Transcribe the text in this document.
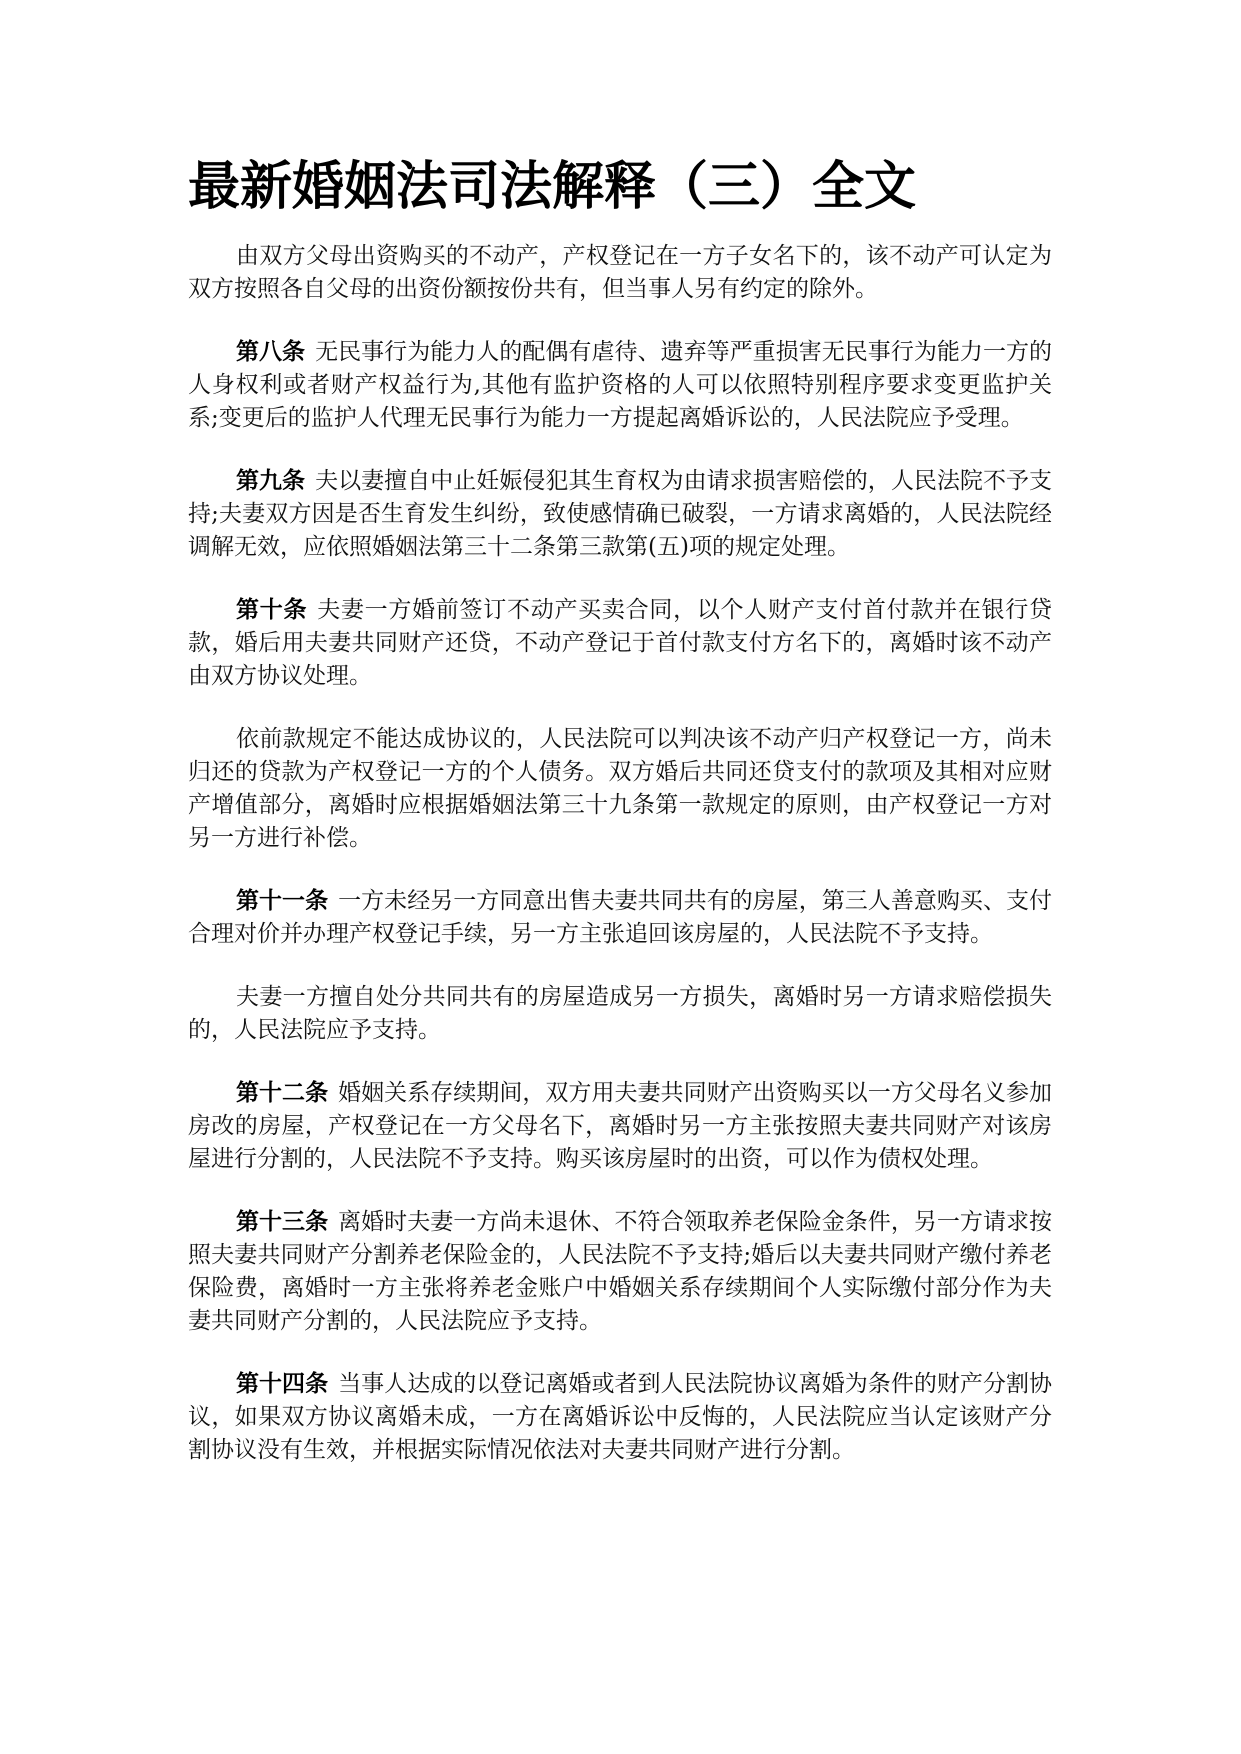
最新婚姻法司法解释（三）全文

由双方父母出资购买的不动产，产权登记在一方子女名下的，该不动产可认定为双方按照各自父母的出资份额按份共有，但当事人另有约定的除外。

第八条 无民事行为能力人的配偶有虐待、遗弃等严重损害无民事行为能力一方的人身权利或者财产权益行为,其他有监护资格的人可以依照特别程序要求变更监护关系;变更后的监护人代理无民事行为能力一方提起离婚诉讼的，人民法院应予受理。

第九条 夫以妻擅自中止妊娠侵犯其生育权为由请求损害赔偿的，人民法院不予支持;夫妻双方因是否生育发生纠纷，致使感情确已破裂，一方请求离婚的，人民法院经调解无效，应依照婚姻法第三十二条第三款第(五)项的规定处理。

第十条 夫妻一方婚前签订不动产买卖合同，以个人财产支付首付款并在银行贷款，婚后用夫妻共同财产还贷，不动产登记于首付款支付方名下的，离婚时该不动产由双方协议处理。

依前款规定不能达成协议的，人民法院可以判决该不动产归产权登记一方，尚未归还的贷款为产权登记一方的个人债务。双方婚后共同还贷支付的款项及其相对应财产增值部分，离婚时应根据婚姻法第三十九条第一款规定的原则，由产权登记一方对另一方进行补偿。

第十一条 一方未经另一方同意出售夫妻共同共有的房屋，第三人善意购买、支付合理对价并办理产权登记手续，另一方主张追回该房屋的，人民法院不予支持。

夫妻一方擅自处分共同共有的房屋造成另一方损失，离婚时另一方请求赔偿损失的，人民法院应予支持。

第十二条 婚姻关系存续期间，双方用夫妻共同财产出资购买以一方父母名义参加房改的房屋，产权登记在一方父母名下，离婚时另一方主张按照夫妻共同财产对该房屋进行分割的，人民法院不予支持。购买该房屋时的出资，可以作为债权处理。

第十三条 离婚时夫妻一方尚未退休、不符合领取养老保险金条件，另一方请求按照夫妻共同财产分割养老保险金的，人民法院不予支持;婚后以夫妻共同财产缴付养老保险费，离婚时一方主张将养老金账户中婚姻关系存续期间个人实际缴付部分作为夫妻共同财产分割的，人民法院应予支持。

第十四条 当事人达成的以登记离婚或者到人民法院协议离婚为条件的财产分割协议，如果双方协议离婚未成，一方在离婚诉讼中反悔的，人民法院应当认定该财产分割协议没有生效，并根据实际情况依法对夫妻共同财产进行分割。
